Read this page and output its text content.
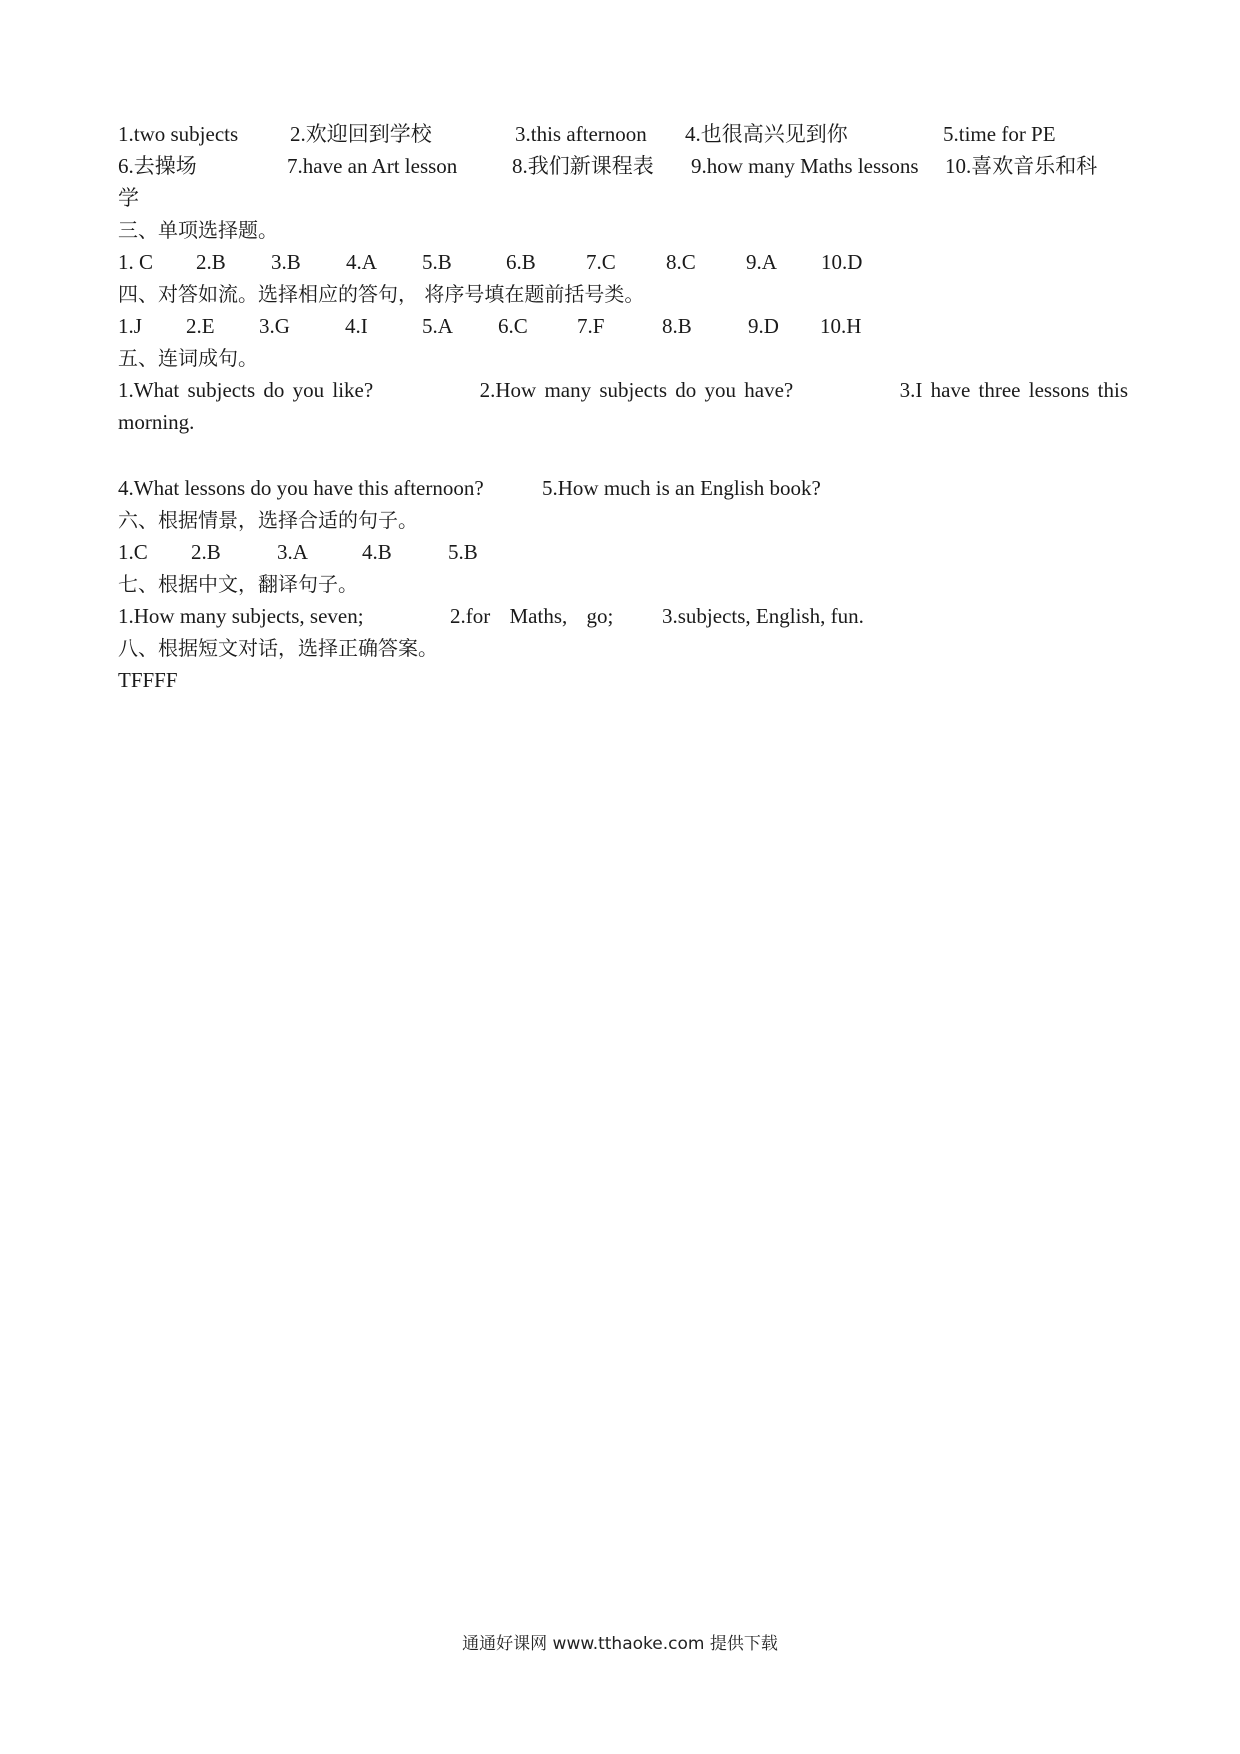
1.two subjects	2.欢迎回到学校	3.this afternoon	4.也很高兴见到你	5.time for PE
6.去操场	7.have an Art lesson	8.我们新课程表	9.how many Maths lessons	10.喜欢音乐和科
学
三、单项选择题。
1. C	2.B	3.B	4.A	5.B	6.B	7.C	8.C	9.A	10.D
四、对答如流。选择相应的答句， 将序号填在题前括号类。
1.J	2.E	3.G	4.I	5.A	6.C	7.F	8.B	9.D	10.H
五、连词成句。
1.What subjects do you like?	2.How many subjects do you have?	3.I have three lessons this
morning.
4.What lessons do you have this afternoon?	5.How much is an English book?
六、根据情景，选择合适的句子。
1.C	2.B	3.A	4.B	5.B
七、根据中文，翻译句子。
1.How many subjects, seven;	2.for Maths, go;	3.subjects, English, fun.
八、根据短文对话，选择正确答案。
TFFFF
通通好课网 www.tthaoke.com 提供下载
